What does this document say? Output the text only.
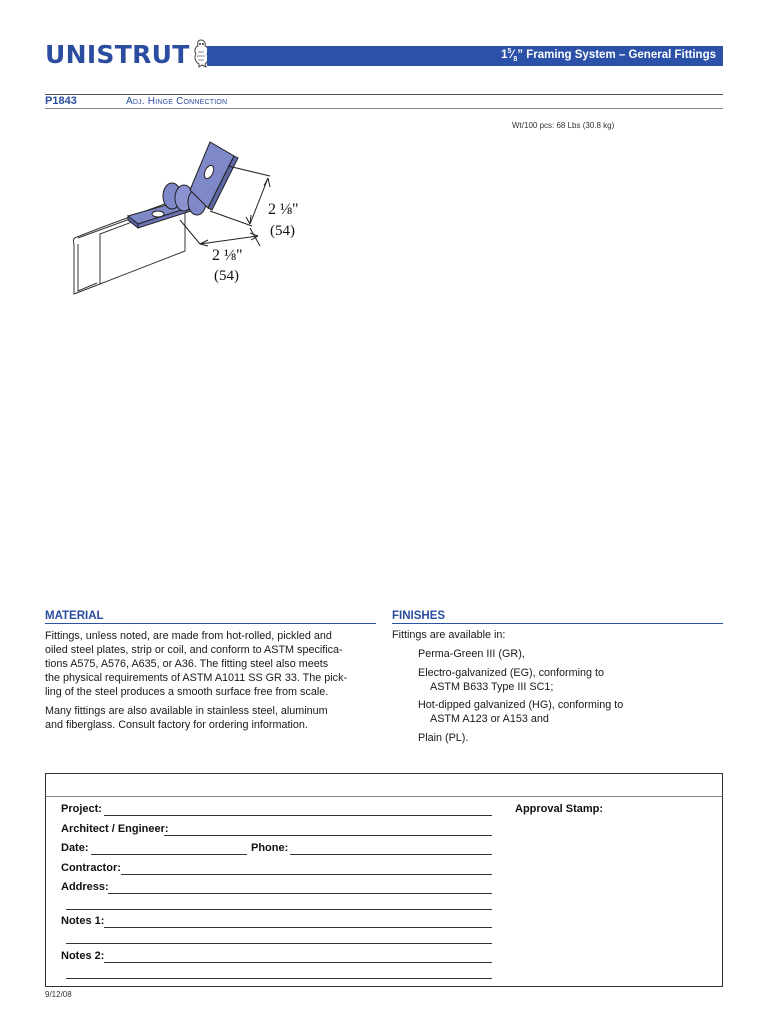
UNISTRUT	$1^5⁄_8$” Framing System – General Fittings
P1843	Adj. Hinge Connection
Wt/100 pcs: 68 Lbs (30.8 kg)
2 ⅛"
(54)
2 ⅛"
(54)
MATERIAL
Fittings, unless noted, are made from hot-rolled, pickled and
oiled steel plates, strip or coil, and conform to ASTM specifica-
tions A575, A576, A635, or A36. The fitting steel also meets
the physical requirements of ASTM A1011 SS GR 33. The pick-
ling of the steel produces a smooth surface free from scale.
Many fittings are also available in stainless steel, aluminum
and fiberglass. Consult factory for ordering information.
FINISHES
Fittings are available in:
Perma-Green III (GR),
Electro-galvanized (EG), conforming to
ASTM B633 Type III SC1;
Hot-dipped galvanized (HG), conforming to
ASTM A123 or A153 and
Plain (PL).
Project:
Architect / Engineer:
Date:	Phone:
Contractor:
Address:
Notes 1:
Notes 2:
Approval Stamp:
9/12/08
